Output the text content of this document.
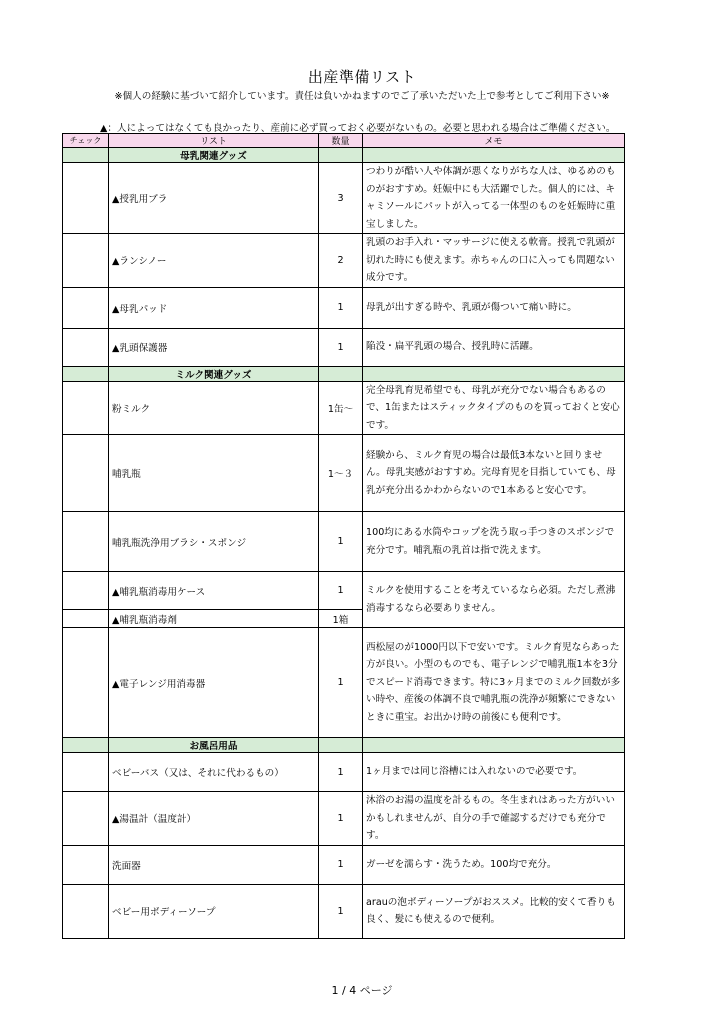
出産準備リスト
※個人の経験に基づいて紹介しています。責任は負いかねますのでご了承いただいた上で参考としてご利用下さい※
▲：人によってはなくても良かったり、産前に必ず買っておく必要がないもの。必要と思われる場合はご準備ください。
チェック	リスト	数量	メモ
	母乳関連グッズ		
	▲授乳用ブラ	3	つわりが酷い人や体調が悪くなりがちな人は、ゆるめのものがおすすめ。妊娠中にも大活躍でした。個人的には、キャミソールにパットが入ってる一体型のものを妊娠時に重宝しました。
	▲ランシノー	2	乳頭のお手入れ・マッサージに使える軟膏。授乳で乳頭が切れた時にも使えます。赤ちゃんの口に入っても問題ない成分です。
	▲母乳パッド	1	母乳が出すぎる時や、乳頭が傷ついて痛い時に。
	▲乳頭保護器	1	陥没・扁平乳頭の場合、授乳時に活躍。
	ミルク関連グッズ		
	粉ミルク	1缶～	完全母乳育児希望でも、母乳が充分でない場合もあるので、1缶またはスティックタイプのものを買っておくと安心です。
	哺乳瓶	1～３	経験から、ミルク育児の場合は最低3本ないと回りません。母乳実感がおすすめ。完母育児を目指していても、母乳が充分出るかわからないので1本あると安心です。
	哺乳瓶洗浄用ブラシ・スポンジ	1	100均にある水筒やコップを洗う取っ手つきのスポンジで充分です。哺乳瓶の乳首は指で洗えます。
	▲哺乳瓶消毒用ケース	1	ミルクを使用することを考えているなら必須。ただし煮沸消毒するなら必要ありません。
	▲哺乳瓶消毒剤	1箱	
	▲電子レンジ用消毒器	1	西松屋のが1000円以下で安いです。ミルク育児ならあった方が良い。小型のものでも、電子レンジで哺乳瓶1本を3分でスピード消毒できます。特に3ヶ月までのミルク回数が多い時や、産後の体調不良で哺乳瓶の洗浄が頻繁にできないときに重宝。お出かけ時の前後にも便利です。
	お風呂用品		
	ベビーバス（又は、それに代わるもの）	1	1ヶ月までは同じ浴槽には入れないので必要です。
	▲湯温計（温度計）	1	沐浴のお湯の温度を計るもの。冬生まれはあった方がいいかもしれませんが、自分の手で確認するだけでも充分です。
	洗面器	1	ガーゼを濡らす・洗うため。100均で充分。
	ベビー用ボディーソープ	1	arauの泡ボディーソープがおススメ。比較的安くて香りも良く、髪にも使えるので便利。
1 / 4 ページ
